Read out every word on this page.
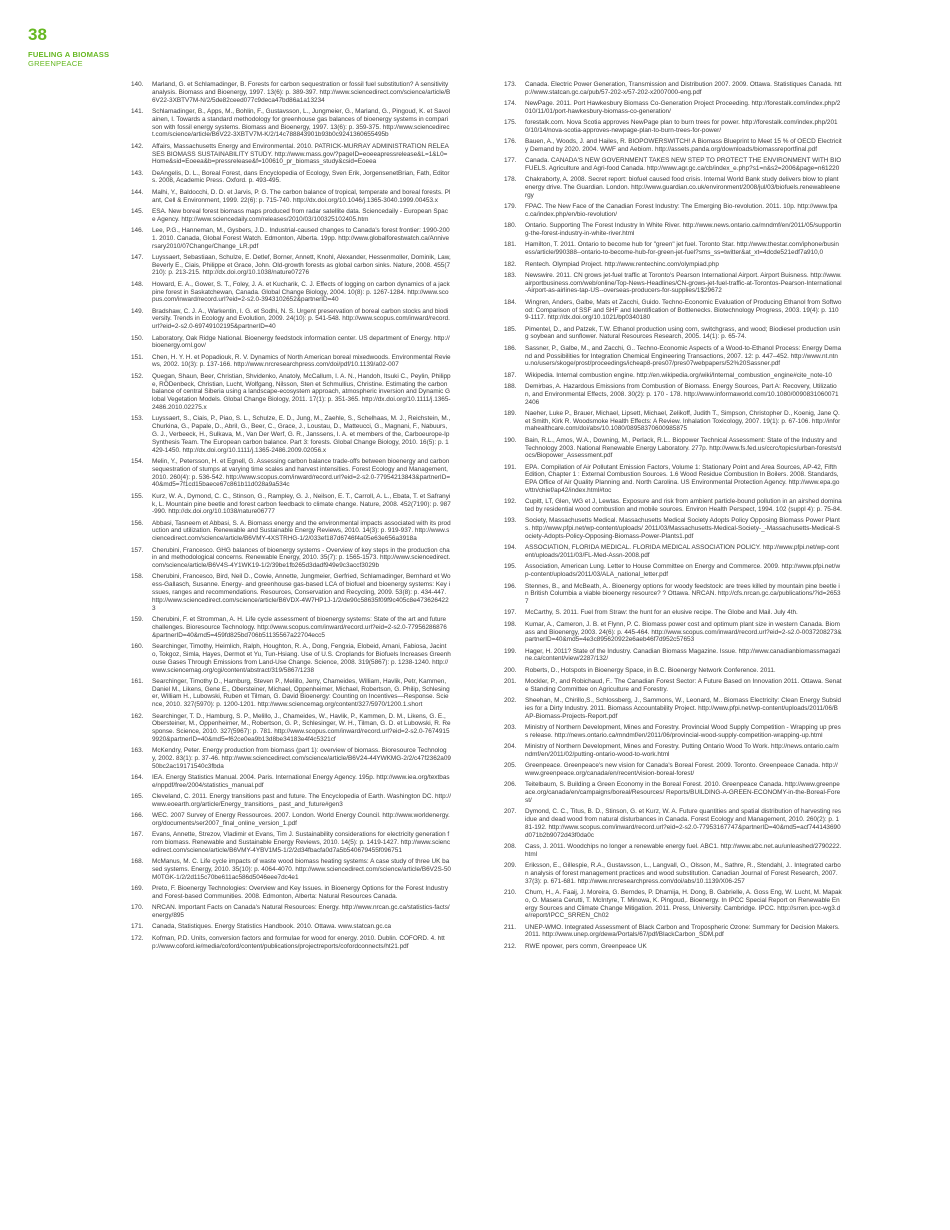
38
FUELING A BIOMASS
GREENPEACE
140.	Marland, G. et Schlamadinger, B. Forests for carbon sequestration or fossil fuel substitution? A sensitivity analysis. Biomass and Bioenergy, 1997. 13(6): p. 389-397. http://www.sciencedirect.com/science/article/B6V22-3XBTV7M-N/2/5de82ceed077c9deca47bd86a1a13234
141.	Schlamadinger, B., Apps, M., Bohlin, F., Gustavsson, L., Jungmeier, G., Marland, G., Pingoud, K. et Savolainen, I. Towards a standard methodology for greenhouse gas balances of bioenergy systems in comparison with fossil energy systems. Biomass and Bioenergy, 1997. 13(6): p. 359-375. http://www.sciencedirect.com/science/article/B6V22-3XBTV7M-K/2/14c788843901b93b0c9241360655495b
142.	Affairs, Massachusetts Energy and Environmental. 2010. PATRICK-MURRAY ADMINISTRATION RELEASES BIOMASS SUSTAINABILITY STUDY. http://www.mass.gov/?pageID=eoeeapressrelease&L=1&L0=Home&sid=Eoeea&b=pressrelease&f=100610_pr_biomass_study&csid=Eoeea
143.	DeAngelis, D. L., Boreal Forest, dans Encyclopedia of Ecology, Sven Erik, JorgensenetBrian, Fath, Editors. 2008, Academic Press. Oxford. p. 493-495.
144.	Malhi, Y., Baldocchi, D. D. et Jarvis, P. G. The carbon balance of tropical, temperate and boreal forests. Plant, Cell & Environment, 1999. 22(6): p. 715-740. http://dx.doi.org/10.1046/j.1365-3040.1999.00453.x
145.	ESA. New boreal forest biomass maps produced from radar satellite data. Sciencedaily - European Space Agency. http://www.sciencedaily.com/releases/2010/03/100325102405.htm
146.	Lee, P.G., Hanneman, M., Gysbers, J.D.. Industrial-caused changes to Canada's forest frontier: 1990-2001. 2010. Canada, Global Forest Watch. Edmonton, Alberta. 19pp. http://www.globalforestwatch.ca/Anniversary2010/07Change/Change_LR.pdf
147.	Luyssaert, Sebastiaan, Schulze, E. Detlef, Borner, Annett, Knohl, Alexander, Hessenmoller, Dominik, Law, Beverly E., Ciais, Philippe et Grace, John. Old-growth forests as global carbon sinks. Nature, 2008. 455(7210): p. 213-215. http://dx.doi.org/10.1038/nature07276
148.	Howard, E. A., Gower, S. T., Foley, J. A. et Kucharik, C. J. Effects of logging on carbon dynamics of a jack pine forest in Saskatchewan, Canada. Global Change Biology, 2004. 10(8): p. 1267-1284. http://www.scopus.com/inward/record.url?eid=2-s2.0-3943102652&partnerID=40
149.	Bradshaw, C. J. A., Warkentin, I. G. et Sodhi, N. S. Urgent preservation of boreal carbon stocks and biodiversity. Trends in Ecology and Evolution, 2009. 24(10): p. 541-548. http://www.scopus.com/inward/record.url?eid=2-s2.0-69749102195&partnerID=40
150.	Laboratory, Oak Ridge National. Bioenergy feedstock information center. US department of Energy. http://bioenergy.ornl.gov/
151.	Chen, H. Y. H. et Popadiouk, R. V. Dynamics of North American boreal mixedwoods. Environmental Reviews, 2002. 10(3): p. 137-166. http://www.nrcresearchpress.com/doi/pdf/10.1139/a02-007
152.	Quegan, Shaun, Beer, Christian, Shvidenko, Anatoly, McCallum, I. A. N., Handoh, Itsuki C., Peylin, Philippe, RÖDenbeck, Christian, Lucht, Wolfgang, Nilsson, Sten et Schmullius, Christine. Estimating the carbon balance of central Siberia using a landscape-ecosystem approach, atmospheric inversion and Dynamic Global Vegetation Models. Global Change Biology, 2011. 17(1): p. 351-365. http://dx.doi.org/10.1111/j.1365-2486.2010.02275.x
153.	Luyssaert, S., Ciais, P., Piao, S. L., Schulze, E. D., Jung, M., Zaehle, S., Schelhaas, M. J., Reichstein, M., Churkina, G., Papale, D., Abril, G., Beer, C., Grace, J., Loustau, D., Matteucci, G., Magnani, F., Nabuurs, G. J., Verbeeck, H., Sulkava, M., Van Der Werf, G. R., Janssens, I. A. et members of the, Carboeurope-Ip Synthesis Team. The European carbon balance. Part 3: forests. Global Change Biology, 2010. 16(5): p. 1429-1450. http://dx.doi.org/10.1111/j.1365-2486.2009.02056.x
154.	Melin, Y., Petersson, H. et Egnell, G. Assessing carbon balance trade-offs between bioenergy and carbon sequestration of stumps at varying time scales and harvest intensities. Forest Ecology and Management, 2010. 260(4): p. 536-542. http://www.scopus.com/inward/record.url?eid=2-s2.0-77954213843&partnerID=40&md5=7f1cd15baece67c861b11d028a9a534c
155.	Kurz, W. A., Dymond, C. C., Stinson, G., Rampley, G. J., Neilson, E. T., Carroll, A. L., Ebata, T. et Safranyik, L. Mountain pine beetle and forest carbon feedback to climate change. Nature, 2008. 452(7190): p. 987-990. http://dx.doi.org/10.1038/nature06777
156.	Abbasi, Tasneem et Abbasi, S. A. Biomass energy and the environmental impacts associated with its production and utilization. Renewable and Sustainable Energy Reviews, 2010. 14(3): p. 919-937. http://www.sciencedirect.com/science/article/B6VMY-4XSTRHG-1/2/033ef187d6746f4a05e63e656a3918a
157.	Cherubini, Francesco. GHG balances of bioenergy systems - Overview of key steps in the production chain and methodological concerns. Renewable Energy, 2010. 35(7): p. 1565-1573. http://www.sciencedirect.com/science/article/B6V4S-4Y1WK19-1/2/39be1fb265d3dadf949e9c3accf3029b
158.	Cherubini, Francesco, Bird, Neil D., Cowie, Annette, Jungmeier, Gerfried, Schlamadinger, Bernhard et Woess-Gallasch, Susanne. Energy- and greenhouse gas-based LCA of biofuel and bioenergy systems: Key issues, ranges and recommendations. Resources, Conservation and Recycling, 2009. 53(8): p. 434-447. http://www.sciencedirect.com/science/article/B6VDX-4W7HP1J-1/2/de90c58635f09f9c405c8e4736264223
159.	Cherubini, F. et Stromman, A. H. Life cycle assessment of bioenergy systems: State of the art and future challenges. Bioresource Technology. http://www.scopus.com/inward/record.url?eid=2-s2.0-77956286876&partnerID=40&md5=459fd825bd706b51135567a22704ecc5
160.	Searchinger, Timothy, Heimlich, Ralph, Houghton, R. A., Dong, Fengxia, Elobeid, Amani, Fabiosa, Jacinto, Tokgoz, Simla, Hayes, Dermot et Yu, Tun-Hsiang. Use of U.S. Croplands for Biofuels Increases Greenhouse Gases Through Emissions from Land-Use Change. Science, 2008. 319(5867): p. 1238-1240. http://www.sciencemag.org/cgi/content/abstract/319/5867/1238
161.	Searchinger, Timothy D., Hamburg, Steven P., Melillo, Jerry, Chameides, William, Havlik, Petr, Kammen, Daniel M., Likens, Gene E., Obersteiner, Michael, Oppenheimer, Michael, Robertson, G. Philip, Schlesinger, William H., Lubowski, Ruben et Tilman, G. David Bioenergy: Counting on Incentives—Response. Science, 2010. 327(5970): p. 1200-1201. http://www.sciencemag.org/content/327/5970/1200.1.short
162.	Searchinger, T. D., Hamburg, S. P., Melillo, J., Chameides, W., Havlik, P., Kammen, D. M., Likens, G. E., Obersteiner, M., Oppenheimer, M., Robertson, G. P., Schlesinger, W. H., Tilman, G. D. et Lubowski, R. Response. Science, 2010. 327(5967): p. 781. http://www.scopus.com/inward/record.url?eid=2-s2.0-76749159920&partnerID=40&md5=f62ce0ea9b13d8be34183e4f4c5321cf
163.	McKendry, Peter. Energy production from biomass (part 1): overview of biomass. Bioresource Technology, 2002. 83(1): p. 37-46. http://www.sciencedirect.com/science/article/B6V24-44YWKMG-2/2/c47f2362a0950bc2ac19171540c3fbda
164.	IEA. Energy Statistics Manual. 2004. Paris. International Energy Agency. 195p. http://www.iea.org/textbase/nppdf/free/2004/statistics_manual.pdf
165.	Cleveland, C. 2011. Energy transitions past and future. The Encyclopedia of Earth. Washington DC. http://www.eoearth.org/article/Energy_transitions_ past_and_future#gen3
166.	WEC. 2007 Survey of Energy Ressources. 2007. London. World Energy Council. http://www.worldenergy.org/documents/ser2007_final_online_version_1.pdf
167.	Evans, Annette, Strezov, Vladimir et Evans, Tim J. Sustainability considerations for electricity generation from biomass. Renewable and Sustainable Energy Reviews, 2010. 14(5): p. 1419-1427. http://www.sciencedirect.com/science/article/B6VMY-4YBV1M5-1/2/2d34fbacfa0d7a5b540679455f096751
168.	McManus, M. C. Life cycle impacts of waste wood biomass heating systems: A case study of three UK based systems. Energy, 2010. 35(10): p. 4064-4070. http://www.sciencedirect.com/science/article/B6V2S-50M0TGK-1/2/2d115c70be611ac586d5046eee7dc4e1
169.	Preto, F. Bioenergy Technologies: Overview and Key Issues. in Bioenergy Options for the Forest Industry and Forest-based Communities. 2008. Edmonton, Alberta: Natural Resources Canada.
170.	NRCAN. Important Facts on Canada's Natural Resources: Energy. http://www.nrcan.gc.ca/statistics-facts/energy/895
171.	Canada, Statistiques. Energy Statistics Handbook. 2010. Ottawa. www.statcan.gc.ca
172.	Kofman, P.D. Units, conversion factors and formulae for wood for energy. 2010. Dublin. COFORD. 4. http://www.coford.ie/media/coford/content/publications/projectreports/cofordconnects/ht21.pdf
173.	Canada. Electric Power Generation, Transmission and Distribution 2007. 2009. Ottawa. Statistiques Canada. http://www.statcan.gc.ca/pub/57-202-x/57-202-x2007000-eng.pdf
174.	NewPage. 2011. Port Hawkesbury Biomass Co-Generation Project Proceeding. http://forestalk.com/index.php/2010/11/01/port-hawkesbury-biomass-co-generation/
175.	forestalk.com. Nova Scotia approves NewPage plan to burn trees for power. http://forestalk.com/index.php/2010/10/14/nova-scotia-approves-newpage-plan-to-burn-trees-for-power/
176.	Bauen, A., Woods, J. and Hailes, R. BIOPOWERSWITCH! A Biomass Blueprint to Meet 15 % of OECD Electricity Demand by 2020. 2004. WWF and Aebiom. http://assets.panda.org/downloads/biomassreportfinal.pdf
177.	Canada. CANADA'S NEW GOVERNMENT TAKES NEW STEP TO PROTECT THE ENVIRONMENT WITH BIOFUELS. Agriculture and Agri-food Canada. http://www.agr.gc.ca/cb/index_e.php?s1=n&s2=2006&page=n61220
178.	Chakraborty, A. 2008. Secret report: biofuel caused food crisis. Internal World Bank study delivers blow to plant energy drive. The Guardian. London. http://www.guardian.co.uk/environment/2008/jul/03/biofuels.renewableenergy
179.	FPAC. The New Face of the Canadian Forest Industry: The Emerging Bio-revolution. 2011. 10p. http://www.fpac.ca/index.php/en/bio-revolution/
180.	Ontario. Supporting The Forest Industry In White River. http://www.news.ontario.ca/mndmf/en/2011/05/supporting-the-forest-industry-in-white-river.html
181.	Hamilton, T. 2011. Ontario to become hub for "green" jet fuel. Toronto Star. http://www.thestar.com/iphone/business/article/990388--ontario-to-become-hub-for-green-jet-fuel?sms_ss=twitter&at_xt=4dcde521edf7a910,0
182.	Rentech. Olympiad Project. http://www.rentechinc.com/olympiad.php
183.	Newswire. 2011. CN grows jet-fuel traffic at Toronto's Pearson International Airport. Airport Buisness. http://www.airportbusiness.com/web/online/Top-News-Headlines/CN-grows-jet-fuel-traffic-at-Torontos-Pearson-International-Airport-as-airlines-tap-US--overseas-producers-for-supplies/1$29672
184.	Wingren, Anders, Galbe, Mats et Zacchi, Guido. Techno-Economic Evaluation of Producing Ethanol from Softwood: Comparison of SSF and SHF and Identification of Bottlenecks. Biotechnology Progress, 2003. 19(4): p. 1109-1117. http://dx.doi.org/10.1021/bp0340180
185.	Pimentel, D., and Patzek, T.W. Ethanol production using corn, switchgrass, and wood; Biodiesel production using soybean and sunflower. Natural Resources Research, 2005. 14(1): p. 65-74.
186.	Sassner, P., Galbe, M., and Zacchi, G.. Techno-Economic Aspects of a Wood-to-Ethanol Process: Energy Demand and Possibilities for Integration Chemical Engineering Transactions, 2007. 12: p. 447–452. http://www.nt.ntnu.no/users/skoge/prost/proceedings/icheap8-pres07/pres07webpapers/52%20Sassner.pdf
187.	Wikipedia. Internal combustion engine. http://en.wikipedia.org/wiki/Internal_combustion_engine#cite_note-10
188.	Demirbas, A. Hazardous Emissions from Combustion of Biomass. Energy Sources, Part A: Recovery, Utilization, and Environmental Effects, 2008. 30(2): p. 170 - 178. http://www.informaworld.com/10.1080/00908310600712406
189.	Naeher, Luke P., Brauer, Michael, Lipsett, Michael, Zelikoff, Judith T., Simpson, Christopher D., Koenig, Jane Q. et Smith, Kirk R. Woodsmoke Health Effects: A Review. Inhalation Toxicology, 2007. 19(1): p. 67-106. http://informahealthcare.com/doi/abs/10.1080/08958370600985875
190.	Bain, R.L., Amos, W.A., Downing, M., Perlack, R.L.. Biopower Technical Assessment: State of the Industry and Technology 2003. National Renewable Energy Laboratory. 277p. http://www.fs.fed.us/ccrc/topics/urban-forests/docs/Biopower_Assessment.pdf
191.	EPA. Compilation of Air Pollutant Emission Factors, Volume 1: Stationary Point and Area Sources, AP-42, Fifth Edition, Chapter 1 : External Combustion Sources. 1.6 Wood Residue Combustion In Boilers. 2008. Standards, EPA Office of Air Quality Planning and. North Carolina. US Environmental Protection Agency. http://www.epa.gov/ttn/chief/ap42/index.html#toc
192.	Cupitt, LT, Glen, WG et J, Lewtas. Exposure and risk from ambient particle-bound pollution in an airshed dominated by residential wood combustion and mobile sources. Environ Health Perspect, 1994. 102 (suppl 4): p. 75-84.
193.	Society, Massachusetts Medical. Massachusetts Medical Society Adopts Policy Opposing Biomass Power Plants. http://www.pfpi.net/wp-content/uploads/ 2011/03/Massachusetts-Medical-Society-_-Massachusetts-Medical-Society-Adopts-Policy-Opposing-Biomass-Power-Plants1.pdf
194.	ASSOCIATION, FLORIDA MEDICAL. FLORIDA MEDICAL ASSOCIATION POLICY. http://www.pfpi.net/wp-content/uploads/2011/03/FL-Med-Assn-2008.pdf
195.	Association, American Lung. Letter to House Committee on Energy and Commerce. 2009. http://www.pfpi.net/wp-content/uploads/2011/03/ALA_national_letter.pdf
196.	Stennes, B., and McBeath, A.. Bioenergy options for woody feedstock: are trees killed by mountain pine beetle in British Columbia a viable bioenergy resource? ? Ottawa. NRCAN. http://cfs.nrcan.gc.ca/publications/?id=26537
197.	McCarthy, S. 2011. Fuel from Straw: the hunt for an elusive recipe. The Globe and Mail. July 4th.
198.	Kumar, A., Cameron, J. B. et Flynn, P. C. Biomass power cost and optimum plant size in western Canada. Biomass and Bioenergy, 2003. 24(6): p. 445-464. http://www.scopus.com/inward/record.url?eid=2-s2.0-0037208273&partnerID=40&md5=4e3c895620922e6aeb46f7d952c57653
199.	Hager, H. 2011? State of the Industry. Canadian Biomass Magazine. Issue. http://www.canadianbiomassmagazine.ca/content/view/2287/132/
200.	Roberts, D., Hotspots in Bioenergy Space, in B.C. Bioenergy Network Conference. 2011.
201.	Mockler, P., and Robichaud, F.. The Canadian Forest Sector: A Future Based on Innovation 2011. Ottawa. Senate Standing Committee on Agriculture and Forestry.
202.	Sheehan, M., Chirillo,S., Schlossberg, J., Sammons, W., Leonard, M.. Biomass Electricity: Clean Energy Subsidies for a Dirty Industry. 2011. Biomass Accountability Project. http://www.pfpi.net/wp-content/uploads/2011/06/BAP-Biomass-Projects-Report.pdf
203.	Ministry of Northern Development, Mines and Forestry. Provincial Wood Supply Competition - Wrapping up press release. http://news.ontario.ca/mndmf/en/2011/06/provincial-wood-supply-competition-wrapping-up.html
204.	Ministry of Northern Development, Mines and Forestry. Putting Ontario Wood To Work. http://news.ontario.ca/mndmf/en/2011/02/putting-ontario-wood-to-work.html
205.	Greenpeace. Greenpeace's new vision for Canada's Boreal Forest. 2009. Toronto. Greenpeace Canada. http://www.greenpeace.org/canada/en/recent/vision-boreal-forest/
206.	Teitelbaum, S. Building a Green Economy in the Boreal Forest. 2010. Greenpeace Canada. http://www.greenpeace.org/canada/en/campaigns/boreal/Resources/ Reports/BUILDING-A-GREEN-ECONOMY-in-the-Boreal-Forest/
207.	Dymond, C. C., Titus, B. D., Stinson, G. et Kurz, W. A. Future quantities and spatial distribution of harvesting residue and dead wood from natural disturbances in Canada. Forest Ecology and Management, 2010. 260(2): p. 181-192. http://www.scopus.com/inward/record.url?eid=2-s2.0-77953167747&partnerID=40&md5=acf744143690d071b2b9072d43f0da0c
208.	Cass, J. 2011. Woodchips no longer a renewable energy fuel. ABC1. http://www.abc.net.au/unleashed/2790222.html
209.	Eriksson, E., Gillespie, R.A., Gustavsson, L., Langvall, O., Olsson, M., Sathre, R., Stendahl, J.. Integrated carbon analysis of forest management practices and wood substitution. Canadian Journal of Forest Research, 2007. 37(3): p. 671-681. http://www.nrcresearchpress.com/doi/abs/10.1139/X06-257
210.	Chum, H., A. Faaij, J. Moreira, G. Berndes, P. Dhamija, H. Dong, B. Gabrielle, A. Goss Eng, W. Lucht, M. Mapako, O. Masera Cerutti, T. McIntyre, T. Minowa, K. Pingoud,. Bioenergy. In IPCC Special Report on Renewable Energy Sources and Climate Change Mitigation. 2011. Press, University. Cambridge. IPCC. http://srren.ipcc-wg3.de/report/IPCC_SRREN_Ch02
211.	UNEP-WMO. Integrated Assessment of Black Carbon and Tropospheric Ozone: Summary for Decision Makers. 2011. http://www.unep.org/dewa/Portals/67/pdf/BlackCarbon_SDM.pdf
212.	RWE npower, pers comm, Greenpeace UK
